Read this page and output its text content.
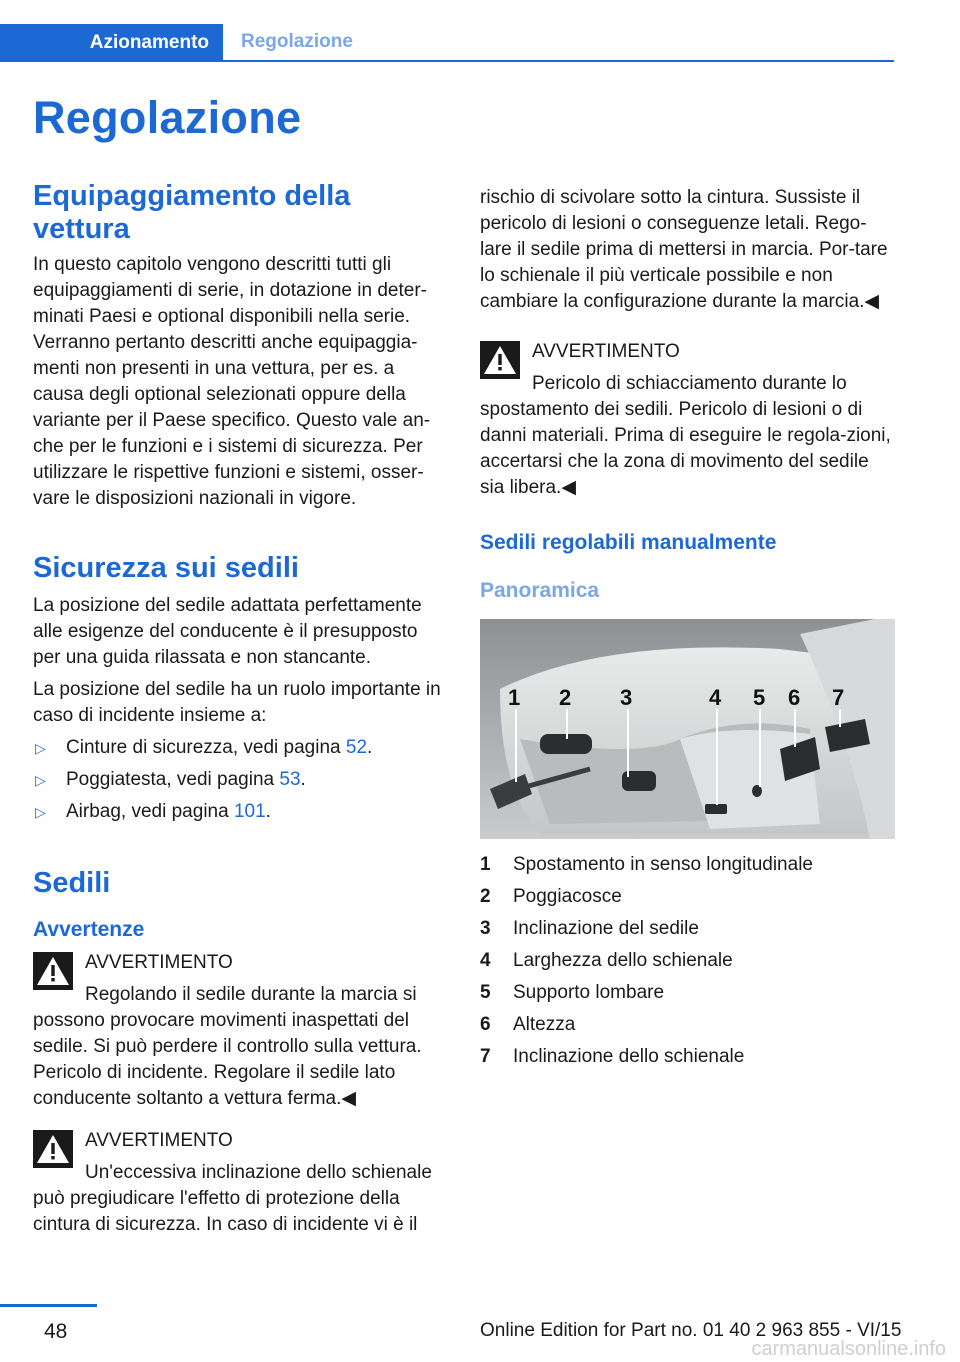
Azionamento	Regolazione
Regolazione
Equipaggiamento della vettura

In questo capitolo vengono descritti tutti gli equipaggiamenti di serie, in dotazione in deter-minati Paesi e optional disponibili nella serie. Verranno pertanto descritti anche equipaggia-menti non presenti in una vettura, per es. a causa degli optional selezionati oppure della variante per il Paese specifico. Questo vale an-che per le funzioni e i sistemi di sicurezza. Per utilizzare le rispettive funzioni e sistemi, osser-vare le disposizioni nazionali in vigore.

Sicurezza sui sedili

La posizione del sedile adattata perfettamente alle esigenze del conducente è il presupposto per una guida rilassata e non stancante.

La posizione del sedile ha un ruolo importante in caso di incidente insieme a:

▷ Cinture di sicurezza, vedi pagina 52.
▷ Poggiatesta, vedi pagina 53.
▷ Airbag, vedi pagina 101.
Sedili
Avvertenze
AVVERTIMENTO

Regolando il sedile durante la marcia si possono provocare movimenti inaspettati del sedile. Si può perdere il controllo sulla vettura. Pericolo di incidente. Regolare il sedile lato conducente soltanto a vettura ferma.◀

AVVERTIMENTO

Un'eccessiva inclinazione dello schienale può pregiudicare l'effetto di protezione della cintura di sicurezza. In caso di incidente vi è il

rischio di scivolare sotto la cintura. Sussiste il pericolo di lesioni o conseguenze letali. Rego-lare il sedile prima di mettersi in marcia. Por-tare lo schienale il più verticale possibile e non cambiare la configurazione durante la marcia.◀

AVVERTIMENTO

Pericolo di schiacciamento durante lo spostamento dei sedili. Pericolo di lesioni o di danni materiali. Prima di eseguire le regola-zioni, accertarsi che la zona di movimento del sedile sia libera.◀

Sedili regolabili manualmente
Panoramica
1 2 3	4 5 6 7
1	Spostamento in senso longitudinale
2	Poggiacosce
3	Inclinazione del sedile
4	Larghezza dello schienale
5	Supporto lombare
6	Altezza
7	Inclinazione dello schienale
48	Online Edition for Part no. 01 40 2 963 855 - VI/15
carmanualsonline.info
